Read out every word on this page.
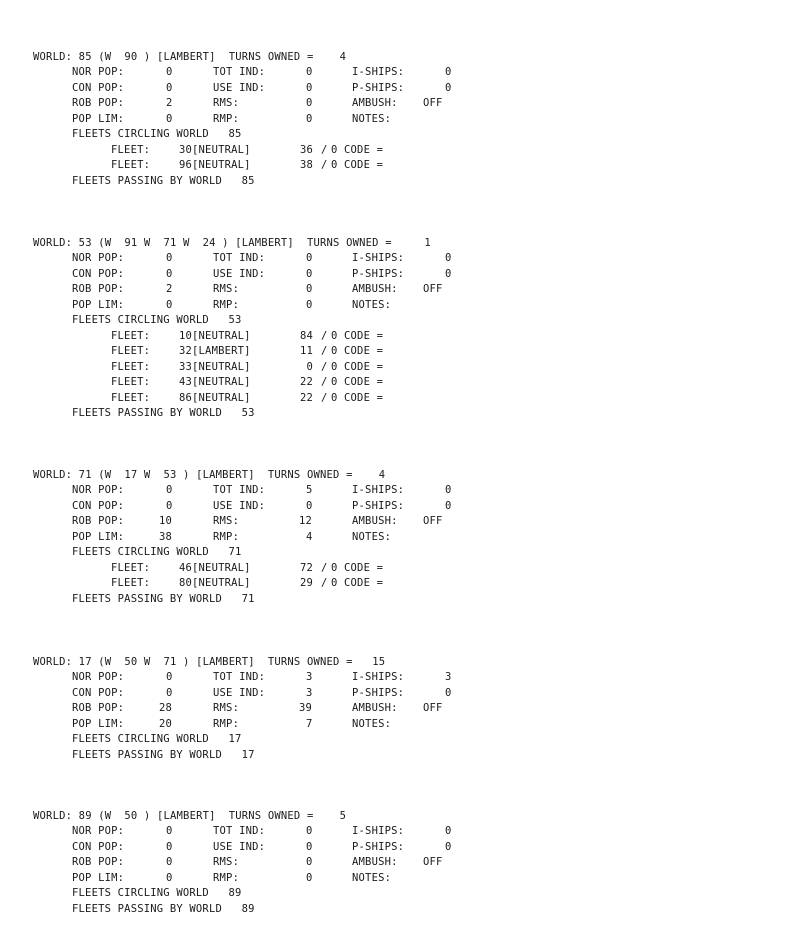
WORLD: 85 (W  90 ) [LAMBERT] TURNS OWNED = 4
NOR POP:	0	TOT IND:	0	I-SHIPS:	0
CON POP:	0	USE IND:	0	P-SHIPS:	0
ROB POP:	2	RMS:	0	AMBUSH: OFF
POP LIM:	0	RMP:	0	NOTES:
FLEETS CIRCLING WORLD 85
FLEET:	30 [NEUTRAL]	36 / 0 CODE =
FLEET:	96 [NEUTRAL]	38 / 0 CODE =
FLEETS PASSING BY WORLD 85
WORLD: 53 (W  91 W  71 W  24 ) [LAMBERT] TURNS OWNED =	1
NOR POP:	0	TOT IND:	0	I-SHIPS:	0
CON POP:	0	USE IND:	0	P-SHIPS:	0
ROB POP:	2	RMS:	0	AMBUSH: OFF
POP LIM:	0	RMP:	0	NOTES:
FLEETS CIRCLING WORLD 53
FLEET:	10 [NEUTRAL]	84 / 0 CODE =
FLEET:	32 [LAMBERT]	11 / 0 CODE =
FLEET:	33 [NEUTRAL]	0 / 0 CODE =
FLEET:	43 [NEUTRAL]	22 / 0 CODE =
FLEET:	86 [NEUTRAL]	22 / 0 CODE =
FLEETS PASSING BY WORLD 53
WORLD: 71 (W  17 W  53 ) [LAMBERT] TURNS OWNED = 4
NOR POP:	0	TOT IND:	5	I-SHIPS:	0
CON POP:	0	USE IND:	0	P-SHIPS:	0
ROB POP:	10	RMS:	12	AMBUSH: OFF
POP LIM:	38	RMP:	4	NOTES:
FLEETS CIRCLING WORLD 71
FLEET:	46 [NEUTRAL]	72 / 0 CODE =
FLEET:	80 [NEUTRAL]	29 / 0 CODE =
FLEETS PASSING BY WORLD 71
WORLD: 17 (W  50 W  71 ) [LAMBERT] TURNS OWNED = 15
NOR POP:	0	TOT IND:	3	I-SHIPS:	3
CON POP:	0	USE IND:	3	P-SHIPS:	0
ROB POP:	28	RMS:	39	AMBUSH: OFF
POP LIM:	20	RMP:	7	NOTES:
FLEETS CIRCLING WORLD 17
FLEETS PASSING BY WORLD 17
WORLD: 89 (W  50 ) [LAMBERT] TURNS OWNED = 5
NOR POP:	0	TOT IND:	0	I-SHIPS:	0
CON POP:	0	USE IND:	0	P-SHIPS:	0
ROB POP:	0	RMS:	0	AMBUSH: OFF
POP LIM:	0	RMP:	0	NOTES:
FLEETS CIRCLING WORLD 89
FLEETS PASSING BY WORLD 89
